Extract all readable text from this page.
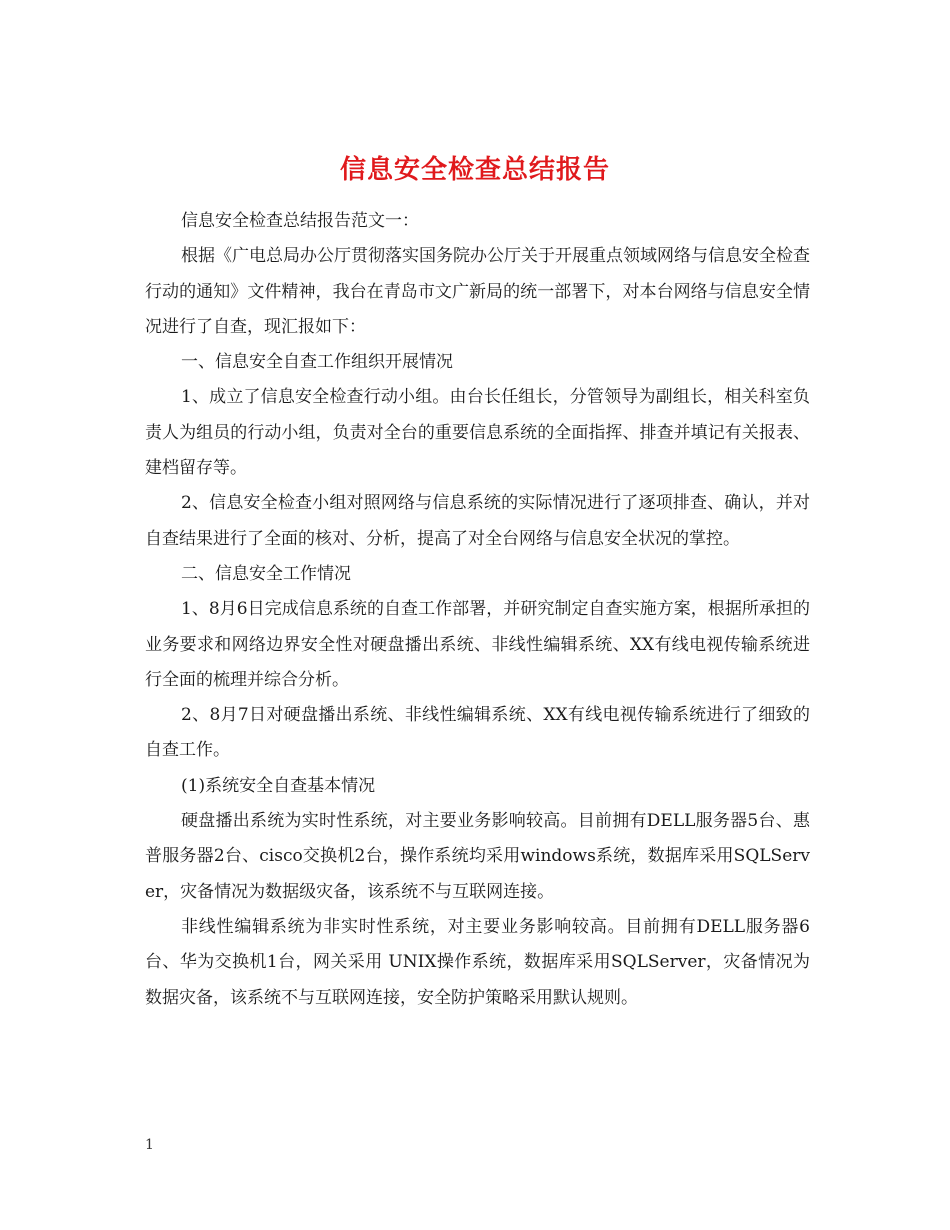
信息安全检查总结报告

信息安全检查总结报告范文一：

根据《广电总局办公厅贯彻落实国务院办公厅关于开展重点领域网络与信息安全检查行动的通知》文件精神，我台在青岛市文广新局的统一部署下，对本台网络与信息安全情况进行了自查，现汇报如下：

一、信息安全自查工作组织开展情况

1、成立了信息安全检查行动小组。由台长任组长，分管领导为副组长，相关科室负责人为组员的行动小组，负责对全台的重要信息系统的全面指挥、排查并填记有关报表、建档留存等。

2、信息安全检查小组对照网络与信息系统的实际情况进行了逐项排查、确认，并对自查结果进行了全面的核对、分析，提高了对全台网络与信息安全状况的掌控。

二、信息安全工作情况

1、8月6日完成信息系统的自查工作部署，并研究制定自查实施方案，根据所承担的业务要求和网络边界安全性对硬盘播出系统、非线性编辑系统、XX有线电视传输系统进行全面的梳理并综合分析。

2、8月7日对硬盘播出系统、非线性编辑系统、XX有线电视传输系统进行了细致的自查工作。

(1)系统安全自查基本情况

硬盘播出系统为实时性系统，对主要业务影响较高。目前拥有DELL服务器5台、惠普服务器2台、cisco交换机2台，操作系统均采用windows系统，数据库采用SQLServer，灾备情况为数据级灾备，该系统不与互联网连接。

非线性编辑系统为非实时性系统，对主要业务影响较高。目前拥有DELL服务器6台、华为交换机1台，网关采用 UNIX操作系统，数据库采用SQLServer，灾备情况为数据灾备，该系统不与互联网连接，安全防护策略采用默认规则。

1
